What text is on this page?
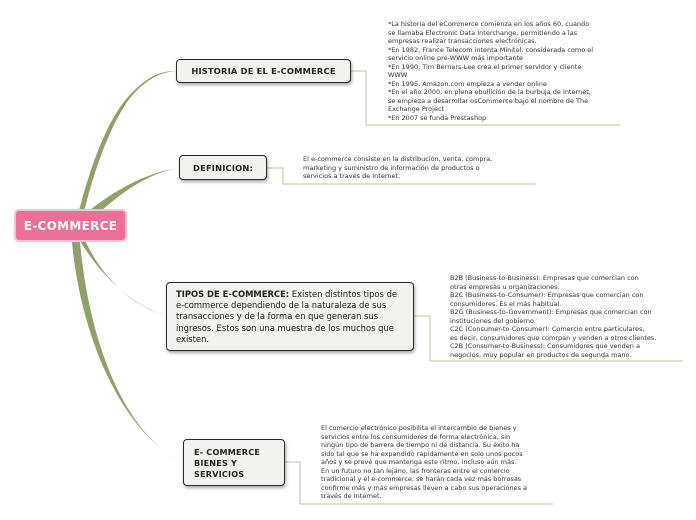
E-COMMERCE
HISTORIA DE EL E-COMMERCE
*La historia del eCommerce comienza en los años 60, cuando
se llamaba Electronic Data Interchange, permitiendo a las
empresas realizar transacciones electrónicas.
*En 1982, France Telecom intenta Minitel, considerada como el
servicio online pre-WWW más importante
*En 1990, Tim Berners-Lee crea el primer servidor y cliente
WWW
*En 1995, Amazon.com empieza a vender online
*En el año 2000, en plena ebullición de la burbuja de Internet,
se empieza a desarrollar osCommerce bajo el nombre de The
Exchange Project
*En 2007 se funda Prestashop
DEFINICION:
El e-commerce consiste en la distribución, venta, compra,
marketing y suministro de información de productos o
servicios a través de Internet.
TIPOS DE E-COMMERCE: Existen distintos tipos de e-commerce dependiendo de la naturaleza de sus transacciones y de la forma en que generan sus ingresos. Estos son una muestra de los muchos que existen.
B2B (Business-to-Business): Empresas que comercian con
otras empresas u organizaciones.
B2C (Business-to-Consumer): Empresas que comercian con
consumidores. Es el más habitual.
B2G (Business-to-Government): Empresas que comercian con
instituciones del gobierno.
C2C (Consumer-to-Consumer): Comercio entre particulares,
es decir, consumidores que comrpan y venden a otros clientes.
C2B (Consumer-to-Business): Consumidores que venden a
negocios, muy popular en productos de segunda mano.
E- COMMERCE BIENES Y SERVICIOS
El comercio electrónico posibilita el intercambio de bienes y
servicios entre los consumidores de forma electrónica, sin
ningún tipo de barrera de tiempo ni de distancia. Su éxito ha
sido tal que se ha expandido rápidamente en solo unos pocos
años y se prevé que mantenga este ritmo, incluso aún más.
En un futuro no tan lejano, las fronteras entre el comercio
tradicional y el e-commerce, se harán cada vez más borrosas
confirme más y más empresas lleven a cabo sus operaciones a
través de Internet.
